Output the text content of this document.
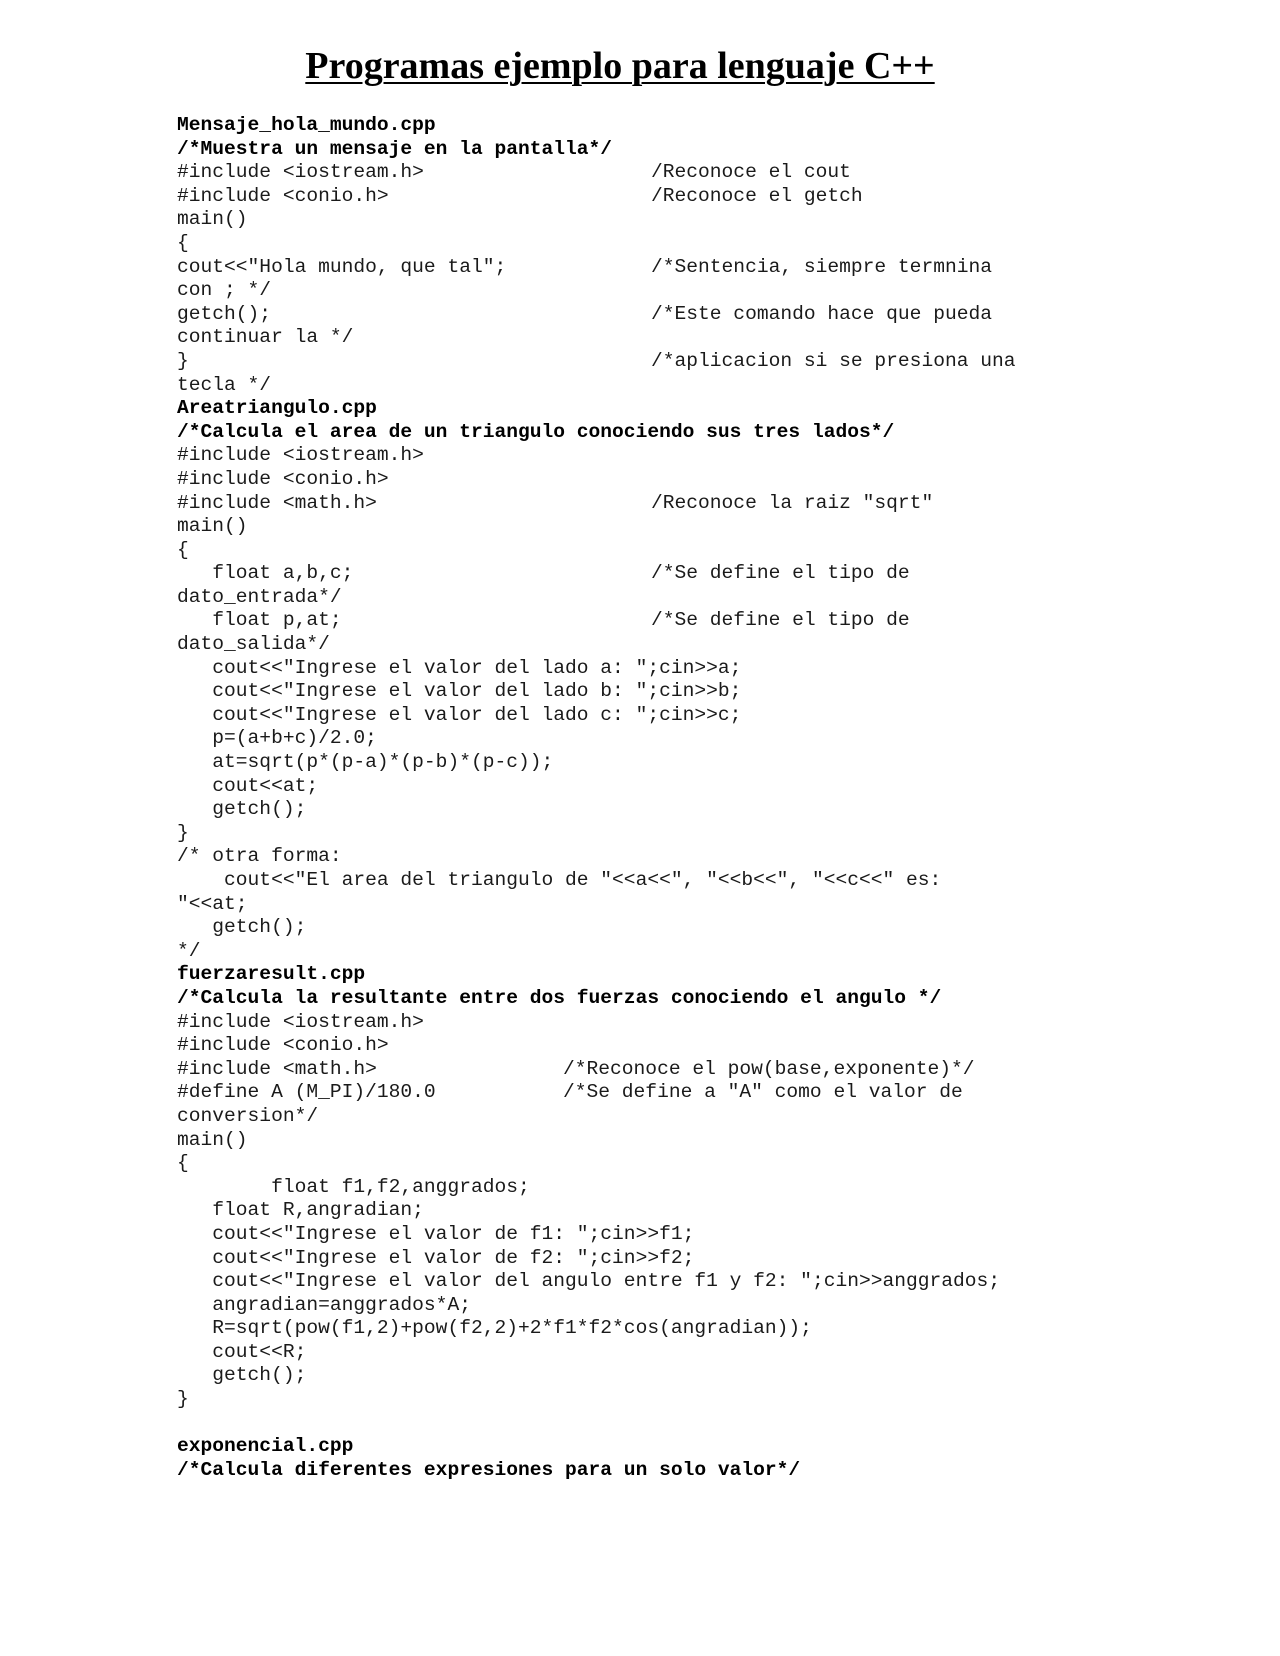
Programas ejemplo para lenguaje C++
Mensaje_hola_mundo.cpp
/*Muestra un mensaje en la pantalla*/
#include <iostream.h>	/Reconoce el cout
#include <conio.h>	/Reconoce el getch
main()
{
cout<<"Hola mundo, que tal";	/*Sentencia, siempre termnina
con ; */
getch();	/*Este comando hace que pueda
continuar la */
}	/*aplicacion si se presiona una
tecla */
Areatriangulo.cpp
/*Calcula el area de un triangulo conociendo sus tres lados*/
#include <iostream.h>
#include <conio.h>
#include <math.h>	/Reconoce la raiz "sqrt"
main()
{
float a,b,c;	/*Se define el tipo de
dato_entrada*/
float p,at;	/*Se define el tipo de
dato_salida*/
cout<<"Ingrese el valor del lado a: ";cin>>a;
cout<<"Ingrese el valor del lado b: ";cin>>b;
cout<<"Ingrese el valor del lado c: ";cin>>c;
p=(a+b+c)/2.0;
at=sqrt(p*(p-a)*(p-b)*(p-c));
cout<<at;
getch();
}
/* otra forma:
cout<<"El area del triangulo de "<<a<<", "<<b<<", "<<c<<" es:
"<<at;
getch();
*/
fuerzaresult.cpp
/*Calcula la resultante entre dos fuerzas conociendo el angulo */
#include <iostream.h>
#include <conio.h>
#include <math.h>	/*Reconoce el pow(base,exponente)*/
#define A (M_PI)/180.0	/*Se define a "A" como el valor de
conversion*/
main()
{
float f1,f2,anggrados;
float R,angradian;
cout<<"Ingrese el valor de f1: ";cin>>f1;
cout<<"Ingrese el valor de f2: ";cin>>f2;
cout<<"Ingrese el valor del angulo entre f1 y f2: ";cin>>anggrados;
angradian=anggrados*A;
R=sqrt(pow(f1,2)+pow(f2,2)+2*f1*f2*cos(angradian));
cout<<R;
getch();
}
exponencial.cpp
/*Calcula diferentes expresiones para un solo valor*/
